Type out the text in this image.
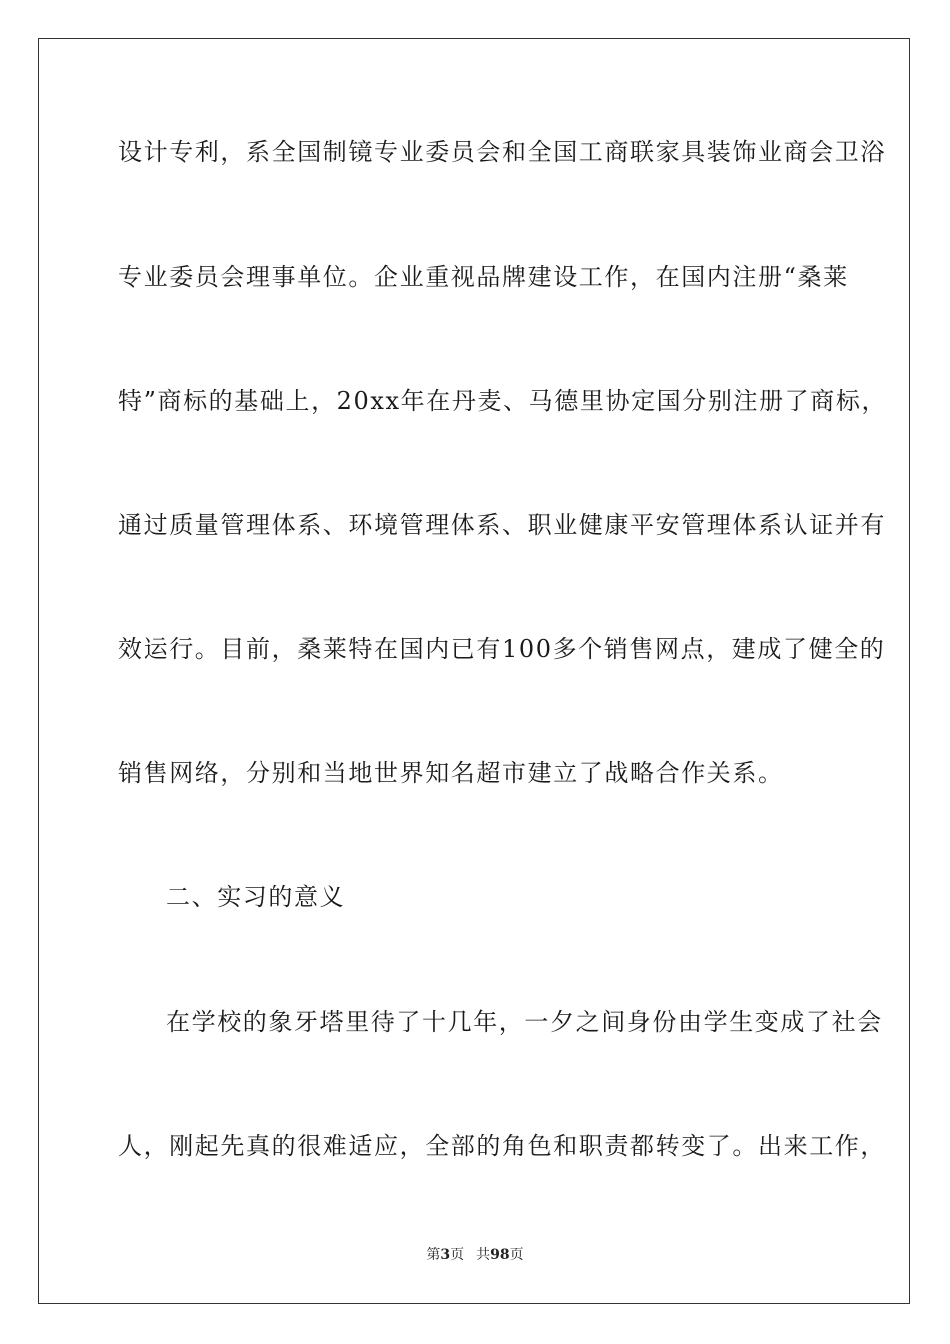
设计专利，系全国制镜专业委员会和全国工商联家具装饰业商会卫浴
专业委员会理事单位。企业重视品牌建设工作，在国内注册“桑莱
特”商标的基础上，20xx年在丹麦、马德里协定国分别注册了商标，
通过质量管理体系、环境管理体系、职业健康平安管理体系认证并有
效运行。目前，桑莱特在国内已有100多个销售网点，建成了健全的
销售网络，分别和当地世界知名超市建立了战略合作关系。
二、实习的意义
在学校的象牙塔里待了十几年，一夕之间身份由学生变成了社会
人，刚起先真的很难适应，全部的角色和职责都转变了。出来工作，
第3页 共98页
